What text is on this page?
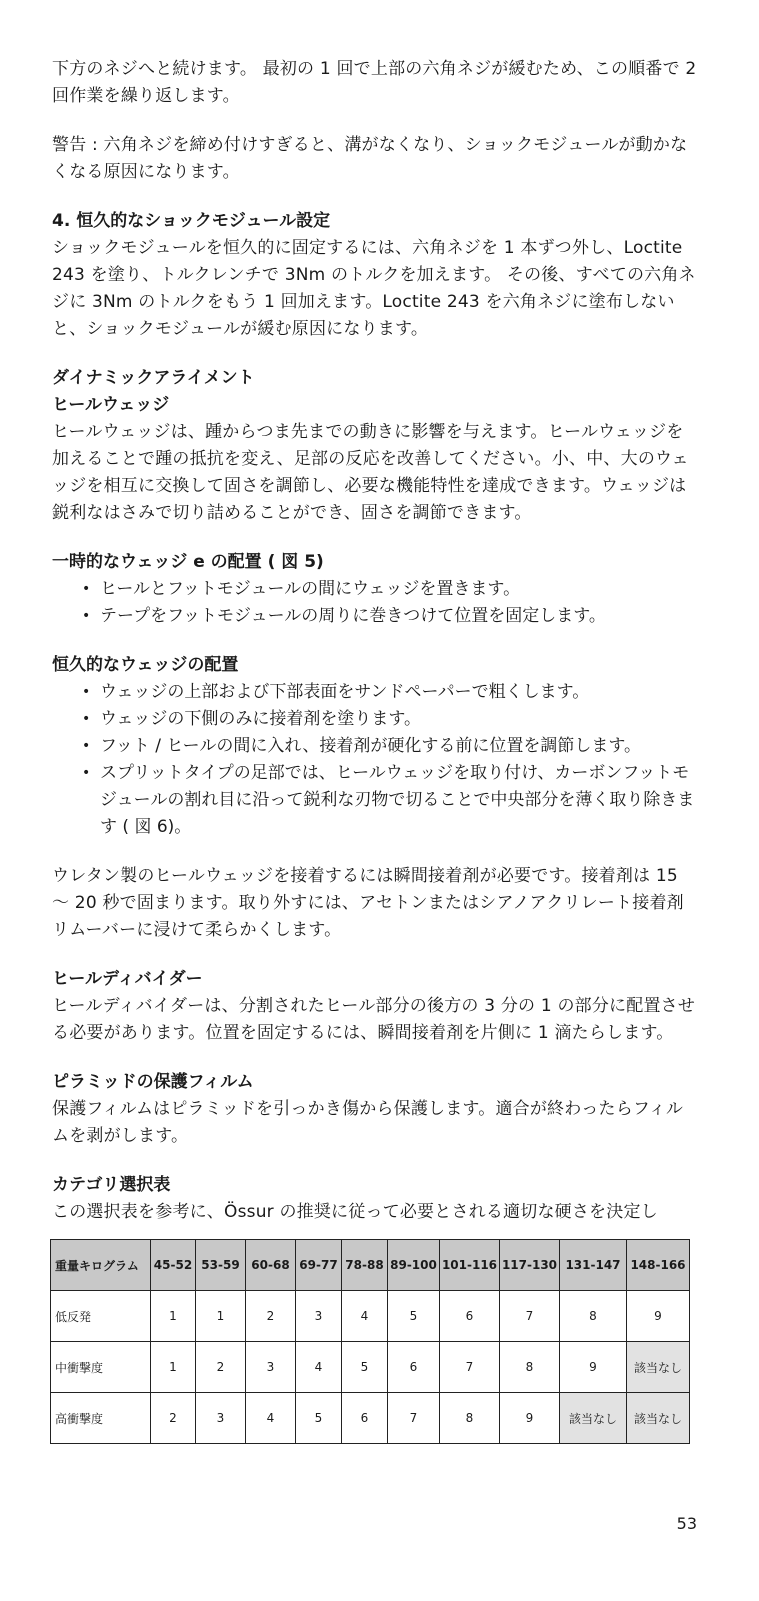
下方のネジへと続けます。 最初の 1 回で上部の六角ネジが緩むため、この順番で 2 回作業を繰り返します。

警告 : 六角ネジを締め付けすぎると、溝がなくなり、ショックモジュールが動かなくなる原因になります。

4. 恒久的なショックモジュール設定

ショックモジュールを恒久的に固定するには、六角ネジを 1 本ずつ外し、Loctite 243 を塗り、トルクレンチで 3Nm のトルクを加えます。 その後、すべての六角ネジに 3Nm のトルクをもう 1 回加えます。Loctite 243 を六角ネジに塗布しないと、ショックモジュールが緩む原因になります。

ダイナミックアライメント
ヒールウェッジ

ヒールウェッジは、踵からつま先までの動きに影響を与えます。ヒールウェッジを加えることで踵の抵抗を変え、足部の反応を改善してください。小、中、大のウェッジを相互に交換して固さを調節し、必要な機能特性を達成できます。ウェッジは鋭利なはさみで切り詰めることができ、固さを調節できます。

一時的なウェッジ e の配置 ( 図 5)
• ヒールとフットモジュールの間にウェッジを置きます。
• テープをフットモジュールの周りに巻きつけて位置を固定します。
恒久的なウェッジの配置
• ウェッジの上部および下部表面をサンドペーパーで粗くします。
• ウェッジの下側のみに接着剤を塗ります。
• フット / ヒールの間に入れ、接着剤が硬化する前に位置を調節します。
• スプリットタイプの足部では、ヒールウェッジを取り付け、カーボンフットモジュールの割れ目に沿って鋭利な刃物で切ることで中央部分を薄く取り除きます ( 図 6)。

ウレタン製のヒールウェッジを接着するには瞬間接着剤が必要です。接着剤は 15 ～ 20 秒で固まります。取り外すには、アセトンまたはシアノアクリレート接着剤リムーバーに浸けて柔らかくします。

ヒールディバイダー

ヒールディバイダーは、分割されたヒール部分の後方の 3 分の 1 の部分に配置させる必要があります。位置を固定するには、瞬間接着剤を片側に 1 滴たらします。

ピラミッドの保護フィルム

保護フィルムはピラミッドを引っかき傷から保護します。適合が終わったらフィルムを剥がします。

カテゴリ選択表

この選択表を参考に、Össur の推奨に従って必要とされる適切な硬さを決定し

重量キログラム	45-52	53-59	60-68	69-77	78-88	89-100	101-116	117-130	131-147	148-166
低反発	1	1	2	3	4	5	6	7	8	9
中衝撃度	1	2	3	4	5	6	7	8	9	該当なし
高衝撃度	2	3	4	5	6	7	8	9	該当なし	該当なし
53
